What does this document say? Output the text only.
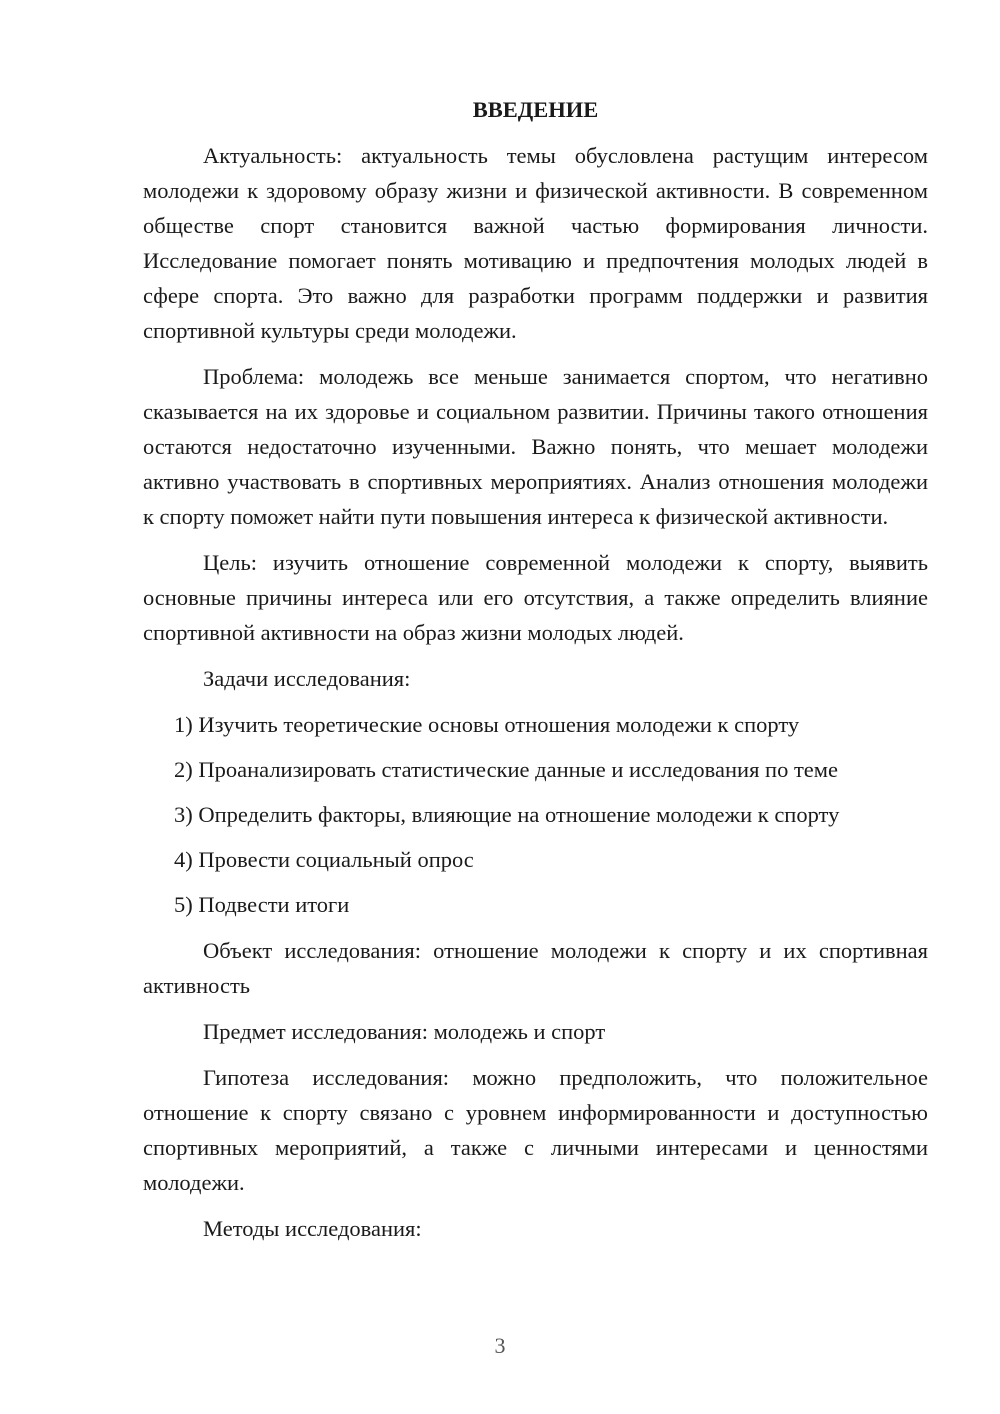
ВВЕДЕНИЕ

Актуальность: актуальность темы обусловлена растущим интересом молодежи к здоровому образу жизни и физической активности. В современном обществе спорт становится важной частью формирования личности. Исследование помогает понять мотивацию и предпочтения молодых людей в сфере спорта. Это важно для разработки программ поддержки и развития спортивной культуры среди молодежи.

Проблема: молодежь все меньше занимается спортом, что негативно сказывается на их здоровье и социальном развитии. Причины такого отношения остаются недостаточно изученными. Важно понять, что мешает молодежи активно участвовать в спортивных мероприятиях. Анализ отношения молодежи к спорту поможет найти пути повышения интереса к физической активности.

Цель: изучить отношение современной молодежи к спорту, выявить основные причины интереса или его отсутствия, а также определить влияние спортивной активности на образ жизни молодых людей.

Задачи исследования:

1) Изучить теоретические основы отношения молодежи к спорту
2) Проанализировать статистические данные и исследования по теме
3) Определить факторы, влияющие на отношение молодежи к спорту
4) Провести социальный опрос
5) Подвести итоги

Объект исследования: отношение молодежи к спорту и их спортивная активность

Предмет исследования: молодежь и спорт

Гипотеза исследования: можно предположить, что положительное отношение к спорту связано с уровнем информированности и доступностью спортивных мероприятий, а также с личными интересами и ценностями молодежи.

Методы исследования:

3
